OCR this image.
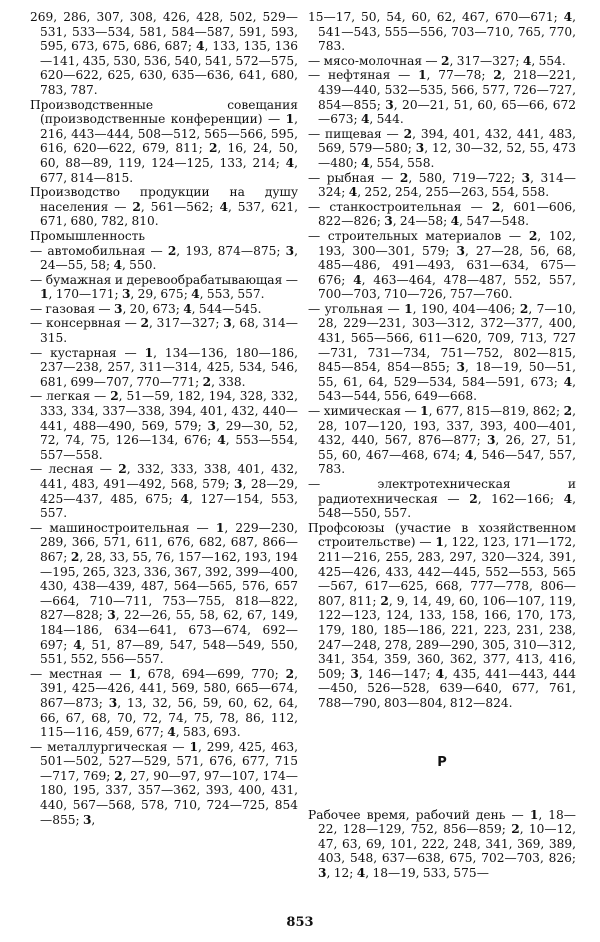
269, 286, 307, 308, 426, 428, 502, 529—531, 533—534, 581, 584—587, 591, 593, 595, 673, 675, 686, 687; 4, 133, 135, 136—141, 435, 530, 536, 540, 541, 572—575, 620—622, 625, 630, 635—636, 641, 680, 783, 787.
Производственные совещания (производственные конференции) — 1, 216, 443—444, 508—512, 565—566, 595, 616, 620—622, 679, 811; 2, 16, 24, 50, 60, 88—89, 119, 124—125, 133, 214; 4, 677, 814—815.
Производство продукции на душу населения — 2, 561—562; 4, 537, 621, 671, 680, 782, 810.
Промышленность
— автомобильная — 2, 193, 874—875; 3, 24—55, 58; 4, 550.
— бумажная и деревообрабатывающая — 1, 170—171; 3, 29, 675; 4, 553, 557.
— газовая — 3, 20, 673; 4, 544—545.
— консервная — 2, 317—327; 3, 68, 314—315.
— кустарная — 1, 134—136, 180—186, 237—238, 257, 311—314, 425, 534, 546, 681, 699—707, 770—771; 2, 338.
— легкая — 2, 51—59, 182, 194, 328, 332, 333, 334, 337—338, 394, 401, 432, 440—441, 488—490, 569, 579; 3, 29—30, 52, 72, 74, 75, 126—134, 676; 4, 553—554, 557—558.
— лесная — 2, 332, 333, 338, 401, 432, 441, 483, 491—492, 568, 579; 3, 28—29, 425—437, 485, 675; 4, 127—154, 553, 557.
— машиностроительная — 1, 229—230, 289, 366, 571, 611, 676, 682, 687, 866—867; 2, 28, 33, 55, 76, 157—162, 193, 194—195, 265, 323, 336, 367, 392, 399—400, 430, 438—439, 487, 564—565, 576, 657—664, 710—711, 753—755, 818—822, 827—828; 3, 22—26, 55, 58, 62, 67, 149, 184—186, 634—641, 673—674, 692—697; 4, 51, 87—89, 547, 548—549, 550, 551, 552, 556—557.
— местная — 1, 678, 694—699, 770; 2, 391, 425—426, 441, 569, 580, 665—674, 867—873; 3, 13, 32, 56, 59, 60, 62, 64, 66, 67, 68, 70, 72, 74, 75, 78, 86, 112, 115—116, 459, 677; 4, 583, 693.
— металлургическая — 1, 299, 425, 463, 501—502, 527—529, 571, 676, 677, 715—717, 769; 2, 27, 90—97, 97—107, 174—180, 195, 337, 357—362, 393, 400, 431, 440, 567—568, 578, 710, 724—725, 854—855; 3,
15—17, 50, 54, 60, 62, 467, 670—671; 4, 541—543, 555—556, 703—710, 765, 770, 783.
— мясо-молочная — 2, 317—327; 4, 554.
— нефтяная — 1, 77—78; 2, 218—221, 439—440, 532—535, 566, 577, 726—727, 854—855; 3, 20—21, 51, 60, 65—66, 672—673; 4, 544.
— пищевая — 2, 394, 401, 432, 441, 483, 569, 579—580; 3, 12, 30—32, 52, 55, 473—480; 4, 554, 558.
— рыбная — 2, 580, 719—722; 3, 314—324; 4, 252, 254, 255—263, 554, 558.
— станкостроительная — 2, 601—606, 822—826; 3, 24—58; 4, 547—548.
— строительных материалов — 2, 102, 193, 300—301, 579; 3, 27—28, 56, 68, 485—486, 491—493, 631—634, 675—676; 4, 463—464, 478—487, 552, 557, 700—703, 710—726, 757—760.
— угольная — 1, 190, 404—406; 2, 7—10, 28, 229—231, 303—312, 372—377, 400, 431, 565—566, 611—620, 709, 713, 727—731, 731—734, 751—752, 802—815, 845—854, 854—855; 3, 18—19, 50—51, 55, 61, 64, 529—534, 584—591, 673; 4, 543—544, 556, 649—668.
— химическая — 1, 677, 815—819, 862; 2, 28, 107—120, 193, 337, 393, 400—401, 432, 440, 567, 876—877; 3, 26, 27, 51, 55, 60, 467—468, 674; 4, 546—547, 557, 783.
— электротехническая и радиотехническая — 2, 162—166; 4, 548—550, 557.
Профсоюзы (участие в хозяйственном строительстве) — 1, 122, 123, 171—172, 211—216, 255, 283, 297, 320—324, 391, 425—426, 433, 442—445, 552—553, 565—567, 617—625, 668, 777—778, 806—807, 811; 2, 9, 14, 49, 60, 106—107, 119, 122—123, 124, 133, 158, 166, 170, 173, 179, 180, 185—186, 221, 223, 231, 238, 247—248, 278, 289—290, 305, 310—312, 341, 354, 359, 360, 362, 377, 413, 416, 509; 3, 146—147; 4, 435, 441—443, 444—450, 526—528, 639—640, 677, 761, 788—790, 803—804, 812—824.
Р
Рабочее время, рабочий день — 1, 18—22, 128—129, 752, 856—859; 2, 10—12, 47, 63, 69, 101, 222, 248, 341, 369, 389, 403, 548, 637—638, 675, 702—703, 826; 3, 12; 4, 18—19, 533, 575—
853
